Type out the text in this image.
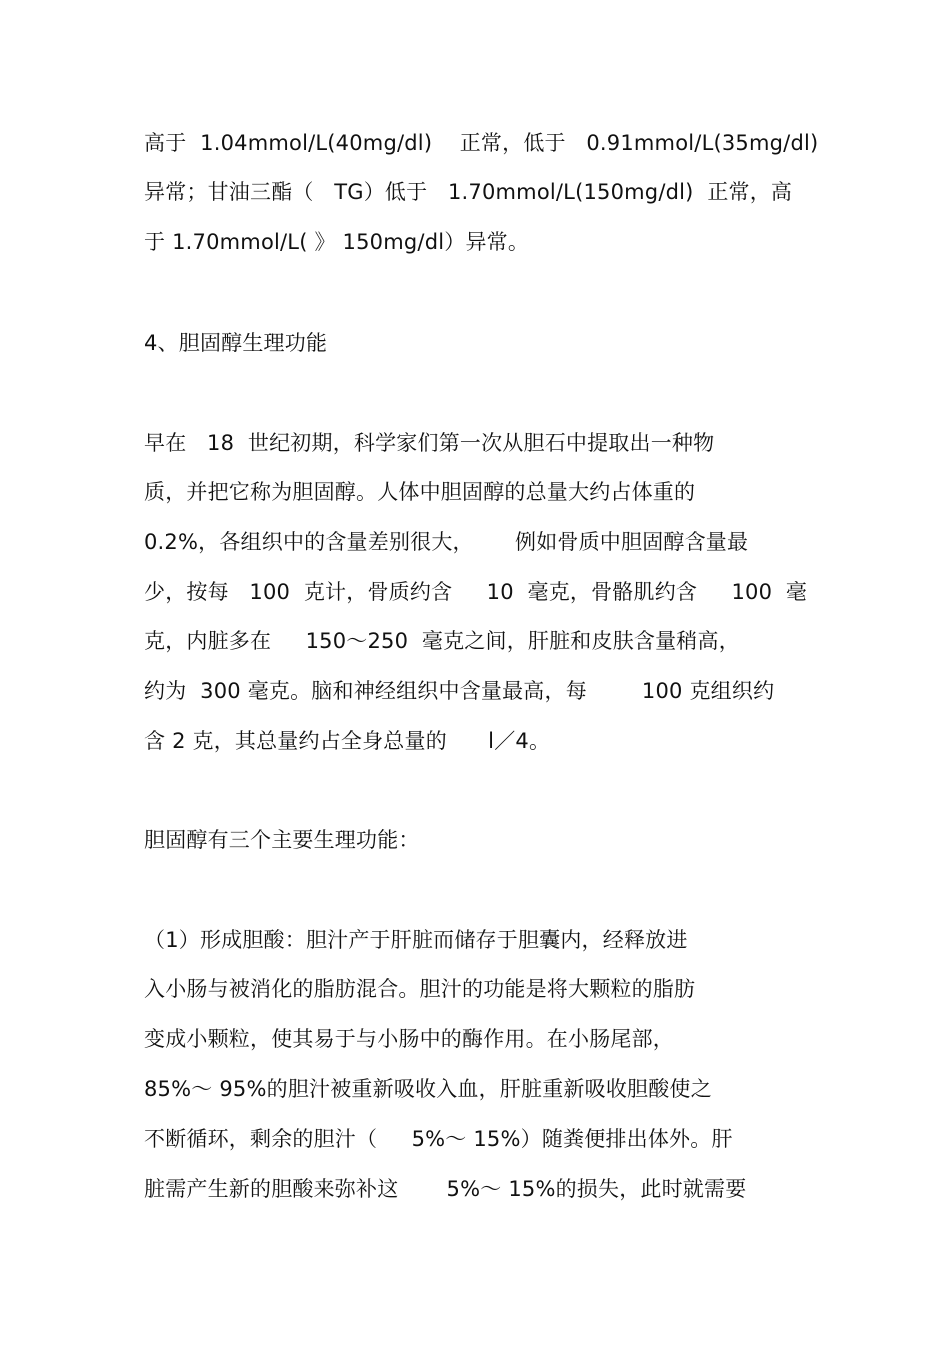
高于  1.04mmol/L(40mg/dl)    正常，低于   0.91mmol/L(35mg/dl)
异常；甘油三酯（   TG）低于   1.70mmol/L(150mg/dl)  正常，高
于 1.70mmol/L( 》 150mg/dl）异常。
4、胆固醇生理功能
早在   18  世纪初期，科学家们第一次从胆石中提取出一种物
质，并把它称为胆固醇。人体中胆固醇的总量大约占体重的
0.2%，各组织中的含量差别很大，      例如骨质中胆固醇含量最
少，按每   100  克计，骨质约含     10  毫克，骨骼肌约含     100  毫
克，内脏多在     150～250  毫克之间，肝脏和皮肤含量稍高，
约为  300 毫克。脑和神经组织中含量最高，每        100 克组织约
含 2 克，其总量约占全身总量的      l／4。
胆固醇有三个主要生理功能：
（1）形成胆酸：胆汁产于肝脏而储存于胆囊内，经释放进
入小肠与被消化的脂肪混合。胆汁的功能是将大颗粒的脂肪
变成小颗粒，使其易于与小肠中的酶作用。在小肠尾部，
85%～ 95%的胆汁被重新吸收入血，肝脏重新吸收胆酸使之
不断循环，剩余的胆汁（     5%～ 15%）随粪便排出体外。肝
脏需产生新的胆酸来弥补这       5%～ 15%的损失，此时就需要
